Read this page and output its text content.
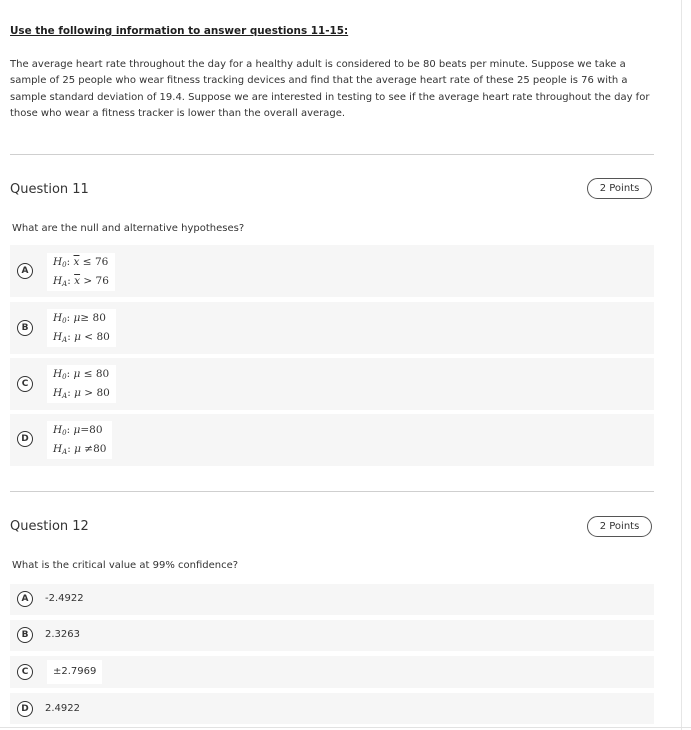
Use the following information to answer questions 11-15:
The average heart rate throughout the day for a healthy adult is considered to be 80 beats per minute. Suppose we take a sample of 25 people who wear fitness tracking devices and find that the average heart rate of these 25 people is 76 with a sample standard deviation of 19.4. Suppose we are interested in testing to see if the average heart rate throughout the day for those who wear a fitness tracker is lower than the overall average.
Question 11	2 Points
What are the null and alternative hypotheses?
A
$H_0$: $\overline{x} \le 76$
$H_A$: $\overline{x} > 76$
B
$H_0$: μ≥ 80
$H_A$: μ < 80
C
$H_0$: μ ≤ 80
$H_A$: μ > 80
D
$H_0$: μ=80
$H_A$: μ ≠80
Question 12	2 Points
What is the critical value at 99% confidence?
A	-2.4922
B	2.3263
C	±2.7969
D	2.4922
